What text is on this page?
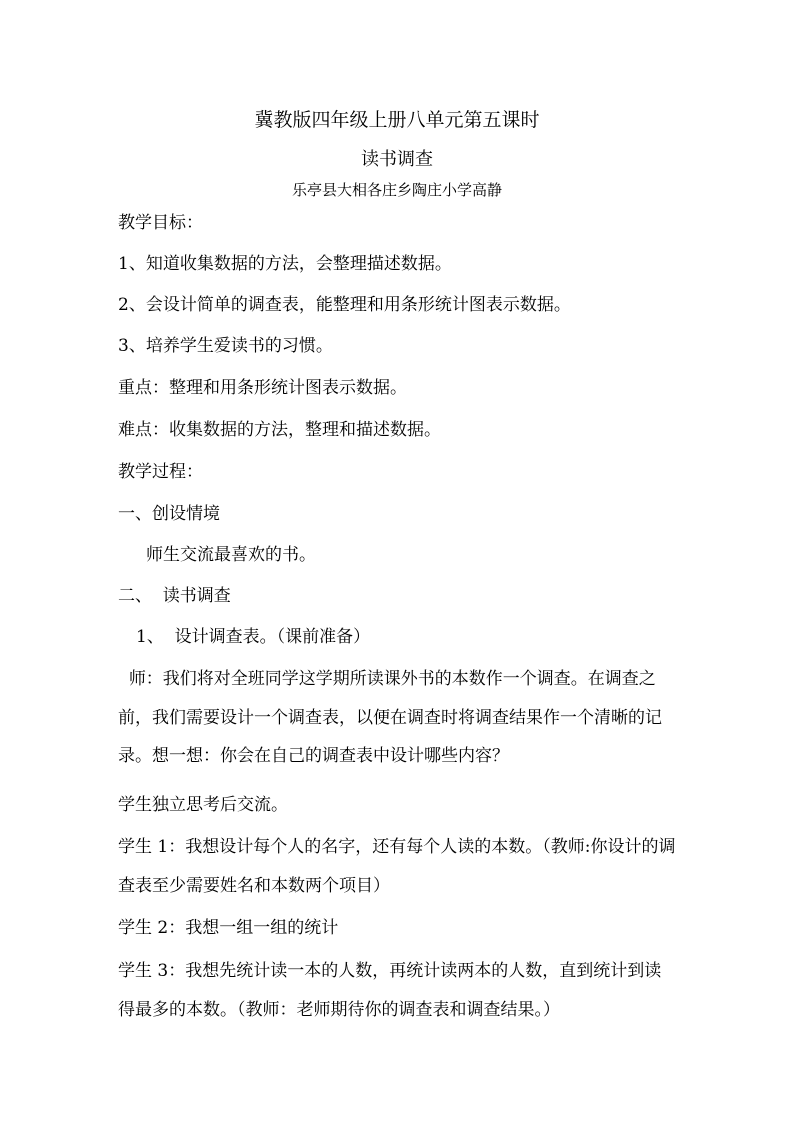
冀教版四年级上册八单元第五课时
读书调查
乐亭县大相各庄乡陶庄小学高静
教学目标：
1、知道收集数据的方法，会整理描述数据。
2、会设计简单的调查表，能整理和用条形统计图表示数据。
3、培养学生爱读书的习惯。
重点：整理和用条形统计图表示数据。
难点：收集数据的方法，整理和描述数据。
教学过程：
一、创设情境
师生交流最喜欢的书。
二、  读书调查
1、  设计调查表。（课前准备）
师：我们将对全班同学这学期所读课外书的本数作一个调查。在调查之前，我们需要设计一个调查表，以便在调查时将调查结果作一个清晰的记录。想一想：你会在自己的调查表中设计哪些内容？
学生独立思考后交流。
学生 1：我想设计每个人的名字，还有每个人读的本数。（教师:你设计的调查表至少需要姓名和本数两个项目）
学生 2：我想一组一组的统计
学生 3：我想先统计读一本的人数，再统计读两本的人数，直到统计到读得最多的本数。（教师：老师期待你的调查表和调查结果。）
